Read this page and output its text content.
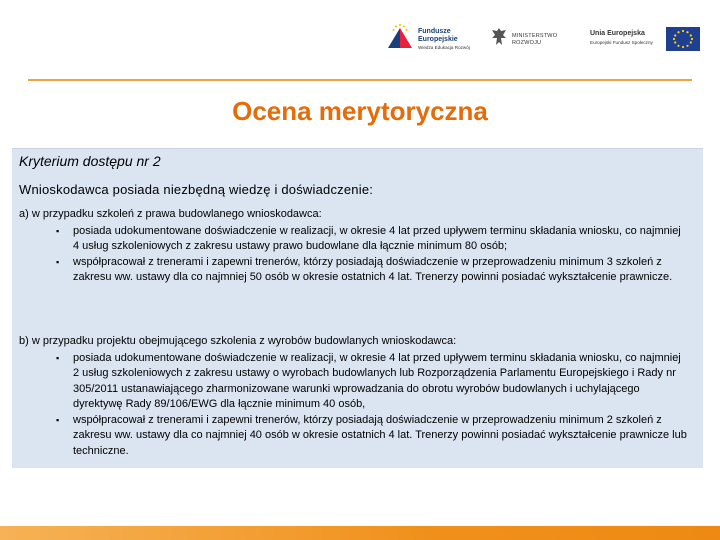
Fundusze
Europejskie
Wiedza Edukacja Rozwój
MINISTERSTWO
ROZWOJU
Unia Europejska
Europejski Fundusz Społeczny
Ocena merytoryczna

Kryterium dostępu nr 2

Wnioskodawca posiada niezbędną wiedzę i doświadczenie:

a) w przypadku szkoleń z prawa budowlanego wnioskodawca:

▪ posiada udokumentowane doświadczenie w realizacji, w okresie 4 lat przed upływem terminu składania wniosku, co najmniej 4 usług szkoleniowych z zakresu ustawy prawo budowlane dla łącznie minimum 80 osób;
▪ współpracował z trenerami i zapewni trenerów, którzy posiadają doświadczenie w przeprowadzeniu minimum 3 szkoleń z zakresu ww. ustawy dla co najmniej 50 osób w okresie ostatnich 4 lat. Trenerzy powinni posiadać wykształcenie prawnicze.

b) w przypadku projektu obejmującego szkolenia z wyrobów budowlanych wnioskodawca:

▪ posiada udokumentowane doświadczenie w realizacji, w okresie 4 lat przed upływem terminu składania wniosku, co najmniej 2 usług szkoleniowych z zakresu ustawy o wyrobach budowlanych lub Rozporządzenia Parlamentu Europejskiego i Rady nr 305/2011 ustanawiającego zharmonizowane warunki wprowadzania do obrotu wyrobów budowlanych i uchylającego dyrektywę Rady 89/106/EWG dla łącznie minimum 40 osób,
▪ współpracował z trenerami i zapewni trenerów, którzy posiadają doświadczenie w przeprowadzeniu minimum 2 szkoleń z zakresu ww. ustawy dla co najmniej 40 osób w okresie ostatnich 4 lat. Trenerzy powinni posiadać wykształcenie prawnicze lub techniczne.
